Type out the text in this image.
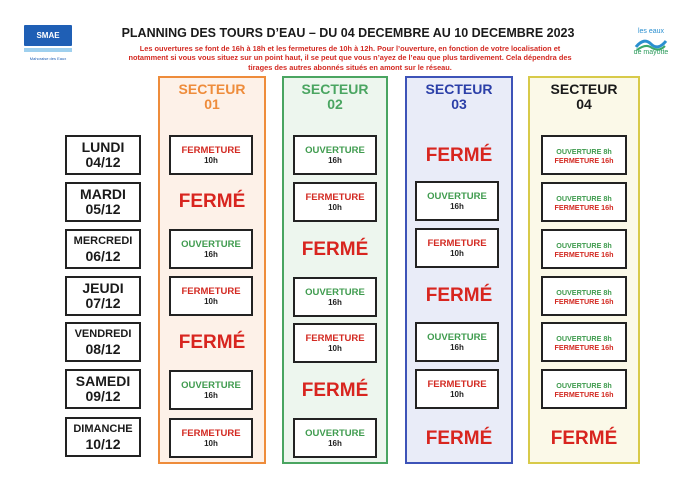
SMAE
Mahoraise des Eaux
les eaux
de mayotte
PLANNING DES TOURS D’EAU – DU 04 DECEMBRE AU 10 DECEMBRE 2023
Les ouvertures se font de 16h à 18h et les fermetures de 10h à 12h. Pour l’ouverture, en fonction de votre localisation et
notamment si vous vous situez sur un point haut, il se peut que vous n’ayez de l’eau que plus tardivement. Cela dépendra des
tirages des autres abonnés situés en amont sur le réseau.
SECTEUR
01
SECTEUR
02
SECTEUR
03
SECTEUR
04
LUNDI
04/12
MARDI
05/12
MERCREDI
06/12
JEUDI
07/12
VENDREDI
08/12
SAMEDI
09/12
DIMANCHE
10/12
FERMETURE
10h
FERMÉ
OUVERTURE
16h
FERMETURE
10h
FERMÉ
OUVERTURE
16h
FERMETURE
10h
OUVERTURE
16h
FERMETURE
10h
FERMÉ
OUVERTURE
16h
FERMETURE
10h
FERMÉ
OUVERTURE
16h
FERMÉ
OUVERTURE
16h
FERMETURE
10h
FERMÉ
OUVERTURE
16h
FERMETURE
10h
FERMÉ
OUVERTURE 8h
FERMETURE 16h
OUVERTURE 8h
FERMETURE 16h
OUVERTURE 8h
FERMETURE 16h
OUVERTURE 8h
FERMETURE 16h
OUVERTURE 8h
FERMETURE 16h
OUVERTURE 8h
FERMETURE 16h
FERMÉ
